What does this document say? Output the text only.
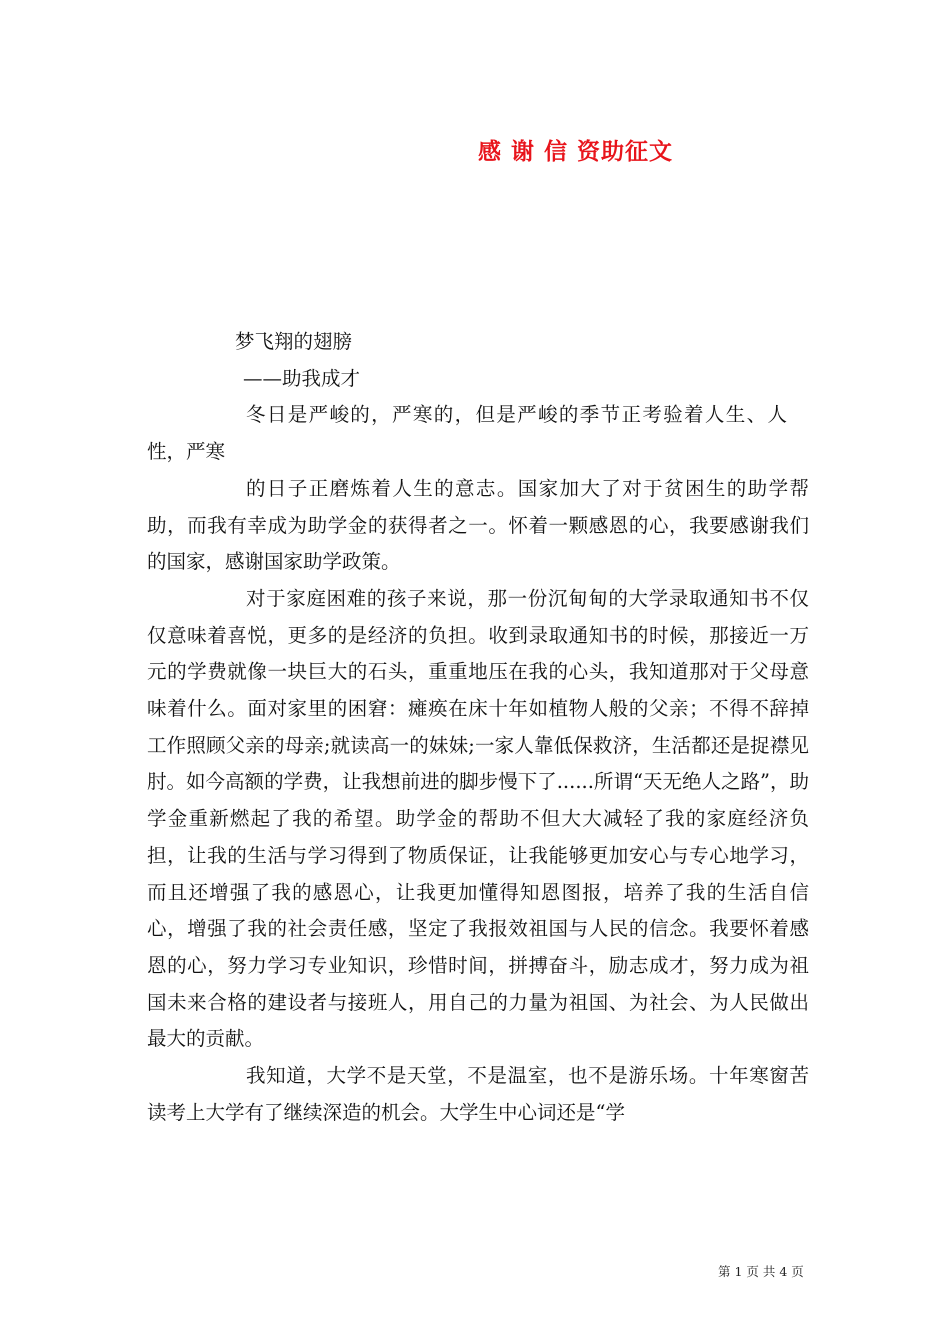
感 谢 信 资助征文
梦飞翔的翅膀
——助我成才

冬日是严峻的，严寒的，但是严峻的季节正考验着人生、人性，严寒

的日子正磨炼着人生的意志。国家加大了对于贫困生的助学帮助，而我有幸成为助学金的获得者之一。怀着一颗感恩的心，我要感谢我们的国家，感谢国家助学政策。

对于家庭困难的孩子来说，那一份沉甸甸的大学录取通知书不仅仅意味着喜悦，更多的是经济的负担。收到录取通知书的时候，那接近一万元的学费就像一块巨大的石头，重重地压在我的心头，我知道那对于父母意味着什么。面对家里的困窘：瘫痪在床十年如植物人般的父亲；不得不辞掉工作照顾父亲的母亲;就读高一的妹妹;一家人靠低保救济，生活都还是捉襟见肘。如今高额的学费，让我想前进的脚步慢下了......所谓“天无绝人之路”，助学金重新燃起了我的希望。助学金的帮助不但大大减轻了我的家庭经济负担，让我的生活与学习得到了物质保证，让我能够更加安心与专心地学习，而且还增强了我的感恩心，让我更加懂得知恩图报，培养了我的生活自信心，增强了我的社会责任感，坚定了我报效祖国与人民的信念。我要怀着感恩的心，努力学习专业知识，珍惜时间，拼搏奋斗，励志成才，努力成为祖国未来合格的建设者与接班人，用自己的力量为祖国、为社会、为人民做出最大的贡献。

我知道，大学不是天堂，不是温室，也不是游乐场。十年寒窗苦读考上大学有了继续深造的机会。大学生中心词还是“学

第 1 页 共 4 页
